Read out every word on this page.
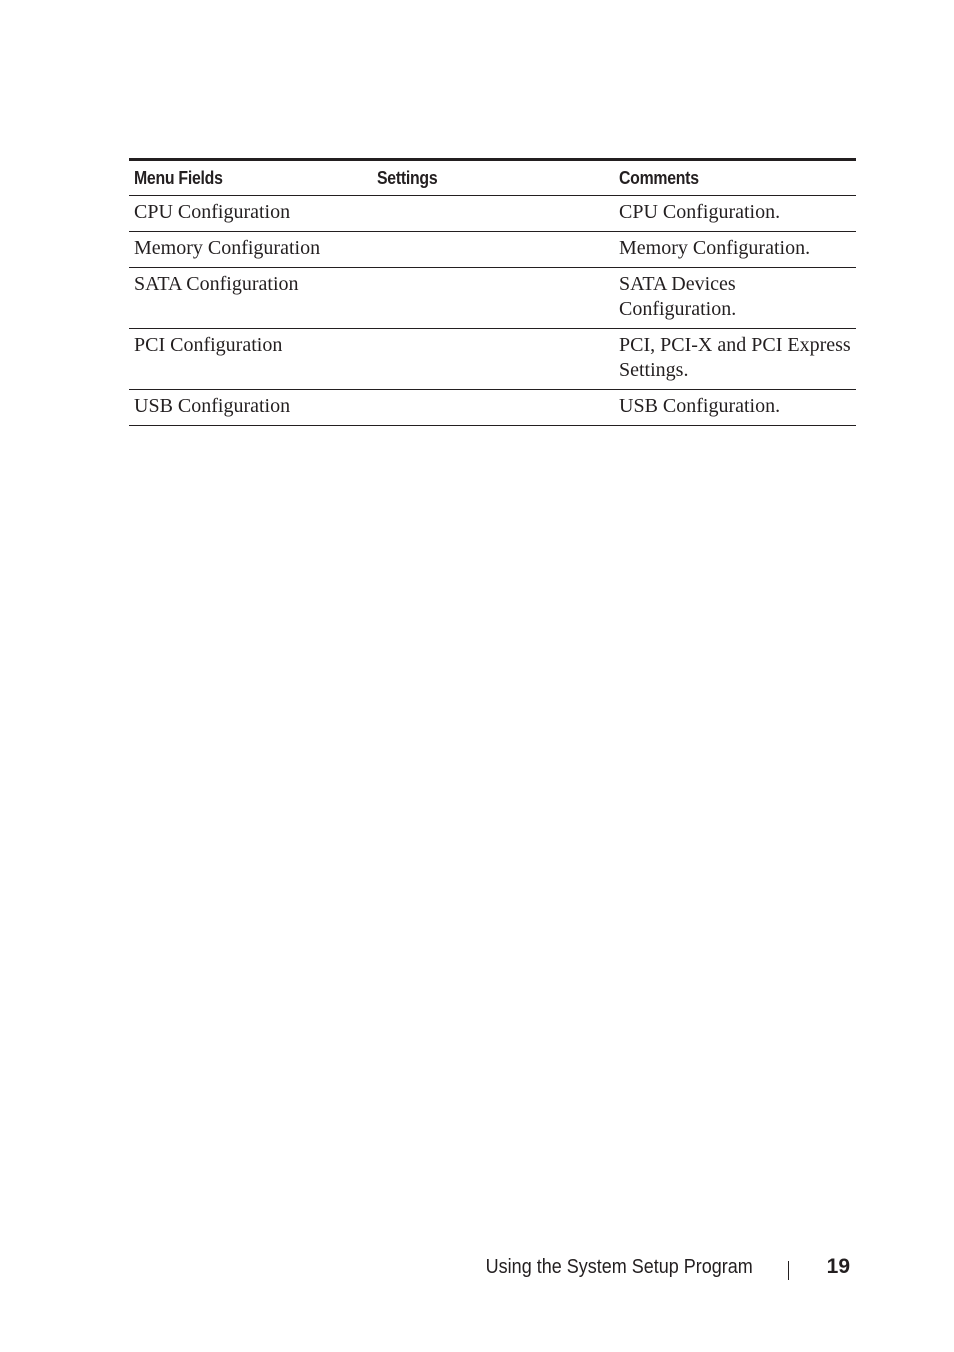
Menu Fields	Settings	Comments
CPU Configuration		CPU Configuration.
Memory Configuration		Memory Configuration.
SATA Configuration		SATA Devices Configuration.
PCI Configuration		PCI, PCI-X and PCI Express Settings.
USB Configuration		USB Configuration.
Using the System Setup Program	19
